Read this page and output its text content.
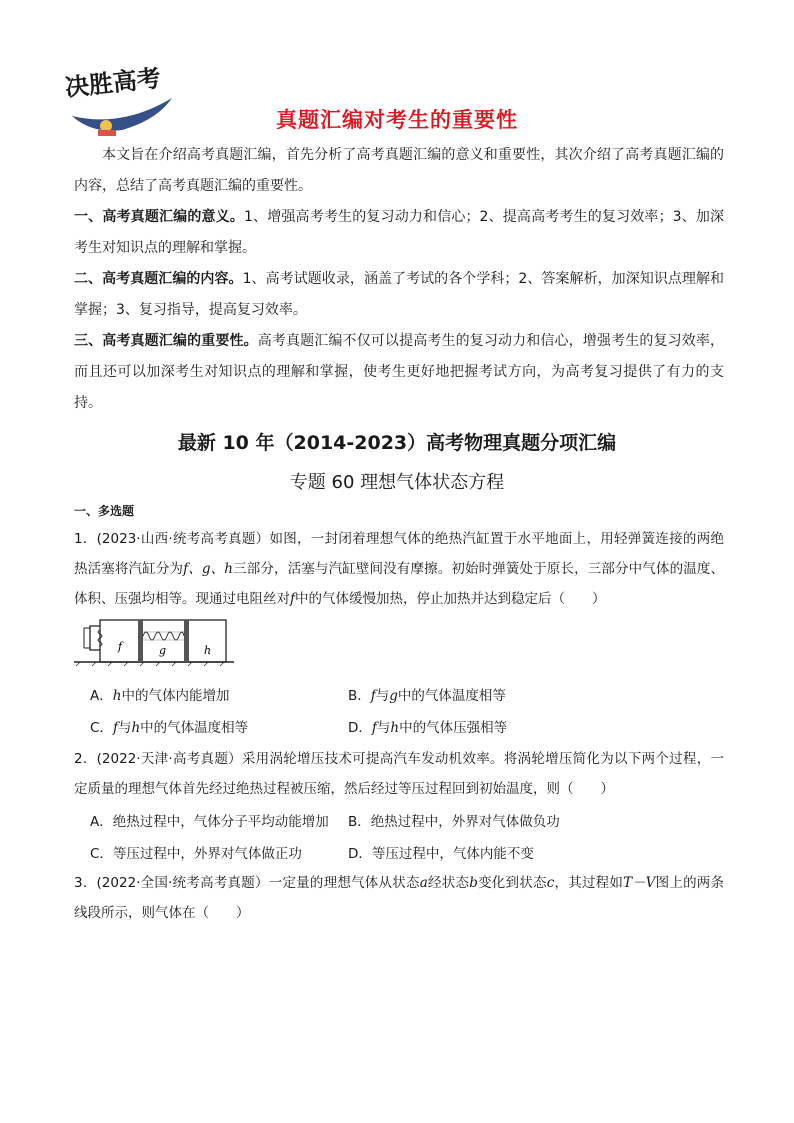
决胜高考
真题汇编对考生的重要性
本文旨在介绍高考真题汇编，首先分析了高考真题汇编的意义和重要性，其次介绍了高考真题汇编的内容，总结了高考真题汇编的重要性。
一、高考真题汇编的意义。1、增强高考考生的复习动力和信心；2、提高高考考生的复习效率；3、加深考生对知识点的理解和掌握。
二、高考真题汇编的内容。1、高考试题收录，涵盖了考试的各个学科；2、答案解析，加深知识点理解和掌握；3、复习指导，提高复习效率。
三、高考真题汇编的重要性。高考真题汇编不仅可以提高考生的复习动力和信心，增强考生的复习效率，而且还可以加深考生对知识点的理解和掌握，使考生更好地把握考试方向，为高考复习提供了有力的支持。
最新 10 年（2014-2023）高考物理真题分项汇编
专题 60 理想气体状态方程
一、多选题
1．(2023·山西·统考高考真题）如图，一封闭着理想气体的绝热汽缸置于水平地面上，用轻弹簧连接的两绝热活塞将汽缸分为f、g、h三部分，活塞与汽缸壁间没有摩擦。初始时弹簧处于原长，三部分中气体的温度、体积、压强均相等。现通过电阻丝对f中的气体缓慢加热，停止加热并达到稳定后（　　）
f	g	h
A．h中的气体内能增加	B．f与g中的气体温度相等
C．f与h中的气体温度相等	D．f与h中的气体压强相等
2．(2022·天津·高考真题）采用涡轮增压技术可提高汽车发动机效率。将涡轮增压简化为以下两个过程，一定质量的理想气体首先经过绝热过程被压缩，然后经过等压过程回到初始温度，则（　　）
A．绝热过程中，气体分子平均动能增加 B．绝热过程中，外界对气体做负功
C．等压过程中，外界对气体做正功	D．等压过程中，气体内能不变
3．(2022·全国·统考高考真题）一定量的理想气体从状态a经状态b变化到状态c，其过程如T－V图上的两条线段所示，则气体在（　　）
